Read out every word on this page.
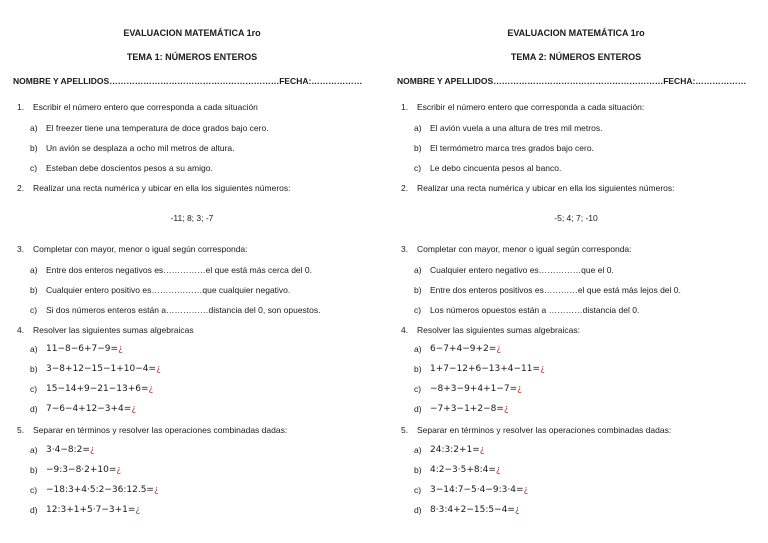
EVALUACION MATEMÁTICA 1ro
TEMA 1: NÚMEROS ENTEROS
NOMBRE Y APELLIDOS……………………………………………………FECHA:………………
1. Escribir el número entero que corresponda a cada situación
a) El freezer tiene una temperatura de doce grados bajo cero.
b) Un avión se desplaza a ocho mil metros de altura.
c) Esteban debe doscientos pesos a su amigo.
2. Realizar una recta numérica y ubicar en ella los siguientes números:
-11; 8; 3; -7
3. Completar con mayor, menor o igual según corresponda:
a) Entre dos enteros negativos es……………el que está más cerca del 0.
b) Cualquier entero positivo es………………que cualquier negativo.
c) Si dos números enteros están a……………distancia del 0, son opuestos.
4. Resolver las siguientes sumas algebraicas
a) 11−8−6+7−9=¿
b) 3−8+12−15−1+10−4=¿
c) 15−14+9−21−13+6=¿
d) 7−6−4+12−3+4=¿
5. Separar en términos y resolver las operaciones combinadas dadas:
a) 3·4−8:2=¿
b) −9:3−8·2+10=¿
c) −18:3+4·5:2−36:12.5=¿
d) 12:3+1+5·7−3+1=¿
EVALUACION MATEMÁTICA 1ro
TEMA 2: NÚMEROS ENTEROS
NOMBRE Y APELLIDOS……………………………………………………FECHA:………………
1. Escribir el número entero que corresponda a cada situación:
a) El avión vuela a una altura de tres mil metros.
b) El termómetro marca tres grados bajo cero.
c) Le debo cincuenta pesos al banco.
2. Realizar una recta numérica y ubicar en ella los siguientes números:
-5; 4; 7; -10
3. Completar con mayor, menor o igual según corresponda:
a) Cualquier entero negativo es……………que el 0.
b) Entre dos enteros positivos es…………el que está más lejos del 0.
c) Los números opuestos están a …………distancia del 0.
4. Resolver las siguientes sumas algebraicas:
a) 6−7+4−9+2=¿
b) 1+7−12+6−13+4−11=¿
c) −8+3−9+4+1−7=¿
d) −7+3−1+2−8=¿
5. Separar en términos y resolver las operaciones combinadas dadas:
a) 24:3:2+1=¿
b) 4:2−3·5+8:4=¿
c) 3−14:7−5·4−9:3·4=¿
d) 8·3:4+2−15:5−4=¿
